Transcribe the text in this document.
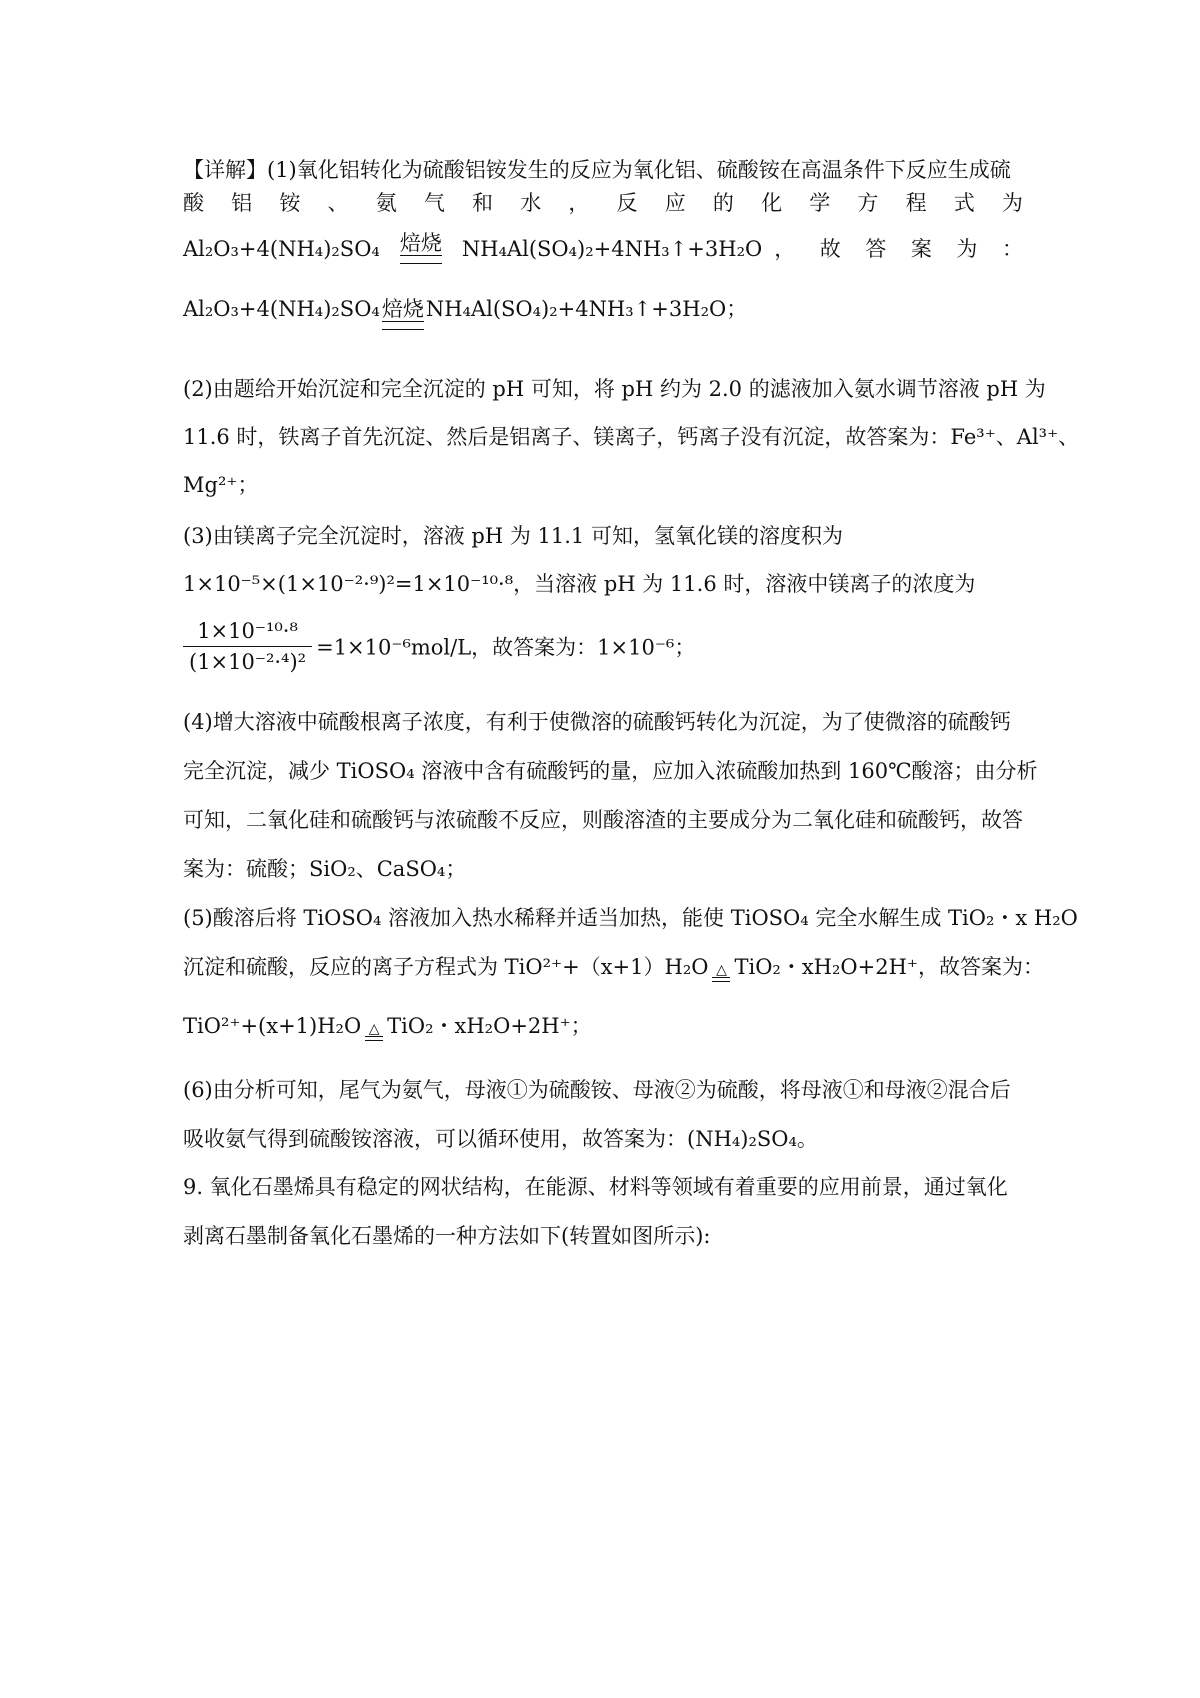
【详解】(1)氧化铝转化为硫酸铝铵发生的反应为氧化铝、硫酸铵在高温条件下反应生成硫
酸 铝 铵 、 氨 气 和 水 ， 反 应 的 化 学 方 程 式 为
Al₂O₃+4(NH₄)₂SO₄ 焙烧 NH₄Al(SO₄)₂+4NH₃↑+3H₂O ， 故 答 案 为 ：
Al₂O₃+4(NH₄)₂SO₄ 焙烧 NH₄Al(SO₄)₂+4NH₃↑+3H₂O；
(2)由题给开始沉淀和完全沉淀的 pH 可知，将 pH 约为 2.0 的滤液加入氨水调节溶液 pH 为
11.6 时，铁离子首先沉淀、然后是铝离子、镁离子，钙离子没有沉淀，故答案为：Fe³⁺、Al³⁺、
Mg²⁺；
(3)由镁离子完全沉淀时，溶液 pH 为 11.1 可知，氢氧化镁的溶度积为
1×10⁻⁵×(1×10⁻²·⁹)²=1×10⁻¹⁰·⁸，当溶液 pH 为 11.6 时，溶液中镁离子的浓度为
$\frac{\text{1×10⁻¹⁰·⁸}}{\text{(1×10⁻²·⁴)²}} =1\times 10^{-6}mol/L$，故答案为：1×10⁻⁶；
(4)增大溶液中硫酸根离子浓度，有利于使微溶的硫酸钙转化为沉淀，为了使微溶的硫酸钙
完全沉淀，减少 TiOSO₄ 溶液中含有硫酸钙的量，应加入浓硫酸加热到 160℃酸溶；由分析
可知，二氧化硅和硫酸钙与浓硫酸不反应，则酸溶渣的主要成分为二氧化硅和硫酸钙，故答
案为：硫酸；SiO₂、CaSO₄；
(5)酸溶后将 TiOSO₄ 溶液加入热水稀释并适当加热，能使 TiOSO₄ 完全水解生成 TiO₂・x H₂O
沉淀和硫酸，反应的离子方程式为 TiO²⁺+（x+1）H₂O △ TiO₂・xH₂O+2H⁺，故答案为：
TiO²⁺+(x+1)H₂O △ TiO₂・xH₂O+2H⁺；
(6)由分析可知，尾气为氨气，母液①为硫酸铵、母液②为硫酸，将母液①和母液②混合后
吸收氨气得到硫酸铵溶液，可以循环使用，故答案为：(NH₄)₂SO₄。
9. 氧化石墨烯具有稳定的网状结构，在能源、材料等领域有着重要的应用前景，通过氧化
剥离石墨制备氧化石墨烯的一种方法如下(转置如图所示):
